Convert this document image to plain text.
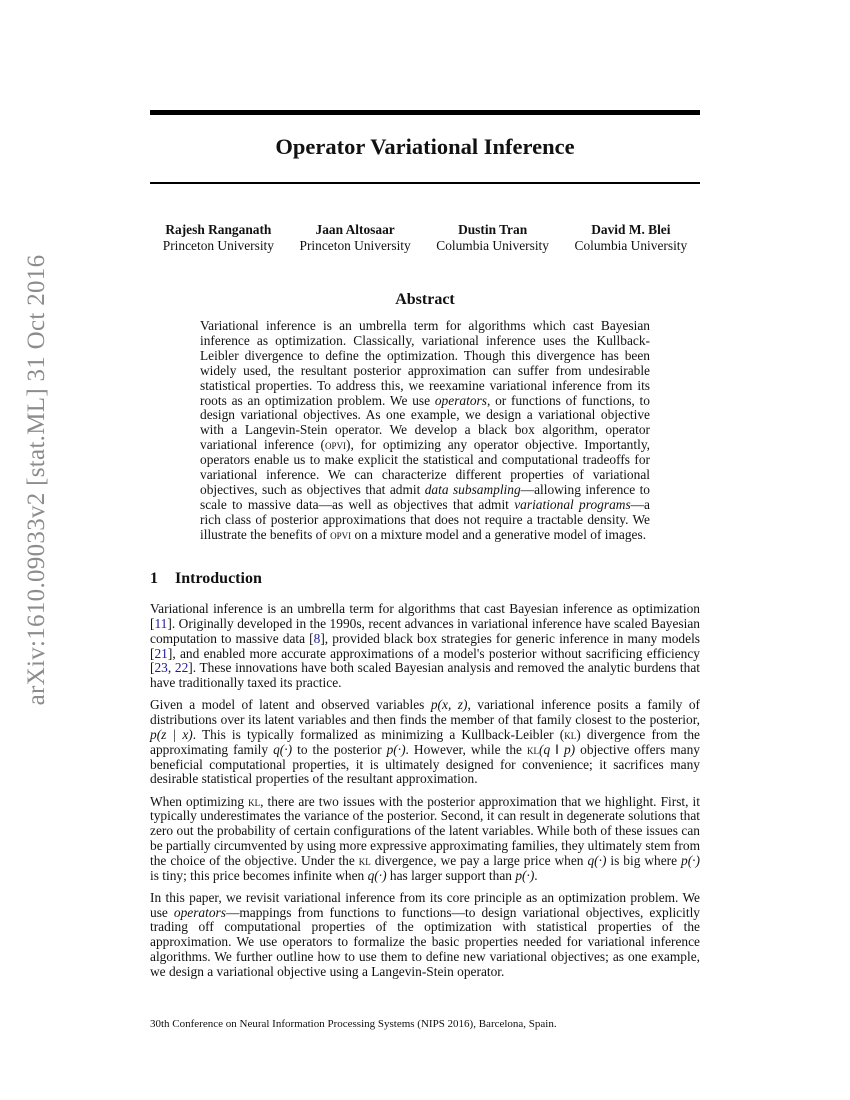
Operator Variational Inference
Rajesh Ranganath
Princeton University
Jaan Altosaar
Princeton University
Dustin Tran
Columbia University
David M. Blei
Columbia University
arXiv:1610.09033v2 [stat.ML] 31 Oct 2016	Abstract
Variational inference is an umbrella term for algorithms which cast Bayesian inference as optimization. Classically, variational inference uses the Kullback-Leibler divergence to define the optimization. Though this divergence has been widely used, the resultant posterior approximation can suffer from undesirable statistical properties. To address this, we reexamine variational inference from its roots as an optimization problem. We use operators, or functions of functions, to design variational objectives. As one example, we design a variational objective with a Langevin-Stein operator. We develop a black box algorithm, operator variational inference (opvi), for optimizing any operator objective. Importantly, operators enable us to make explicit the statistical and computational tradeoffs for variational inference. We can characterize different properties of variational objectives, such as objectives that admit data subsampling—allowing inference to scale to massive data—as well as objectives that admit variational programs—a rich class of posterior approximations that does not require a tractable density. We illustrate the benefits of opvi on a mixture model and a generative model of images.
1 Introduction

Variational inference is an umbrella term for algorithms that cast Bayesian inference as optimization [11]. Originally developed in the 1990s, recent advances in variational inference have scaled Bayesian computation to massive data [8], provided black box strategies for generic inference in many models [21], and enabled more accurate approximations of a model's posterior without sacrificing efficiency [23, 22]. These innovations have both scaled Bayesian analysis and removed the analytic burdens that have traditionally taxed its practice.

Given a model of latent and observed variables p(x, z), variational inference posits a family of distributions over its latent variables and then finds the member of that family closest to the posterior, p(z | x). This is typically formalized as minimizing a Kullback-Leibler (kl) divergence from the approximating family q(·) to the posterior p(·). However, while the kl(q ‖ p) objective offers many beneficial computational properties, it is ultimately designed for convenience; it sacrifices many desirable statistical properties of the resultant approximation.

When optimizing kl, there are two issues with the posterior approximation that we highlight. First, it typically underestimates the variance of the posterior. Second, it can result in degenerate solutions that zero out the probability of certain configurations of the latent variables. While both of these issues can be partially circumvented by using more expressive approximating families, they ultimately stem from the choice of the objective. Under the kl divergence, we pay a large price when q(·) is big where p(·) is tiny; this price becomes infinite when q(·) has larger support than p(·).

In this paper, we revisit variational inference from its core principle as an optimization problem. We use operators—mappings from functions to functions—to design variational objectives, explicitly trading off computational properties of the optimization with statistical properties of the approximation. We use operators to formalize the basic properties needed for variational inference algorithms. We further outline how to use them to define new variational objectives; as one example, we design a variational objective using a Langevin-Stein operator.

30th Conference on Neural Information Processing Systems (NIPS 2016), Barcelona, Spain.
